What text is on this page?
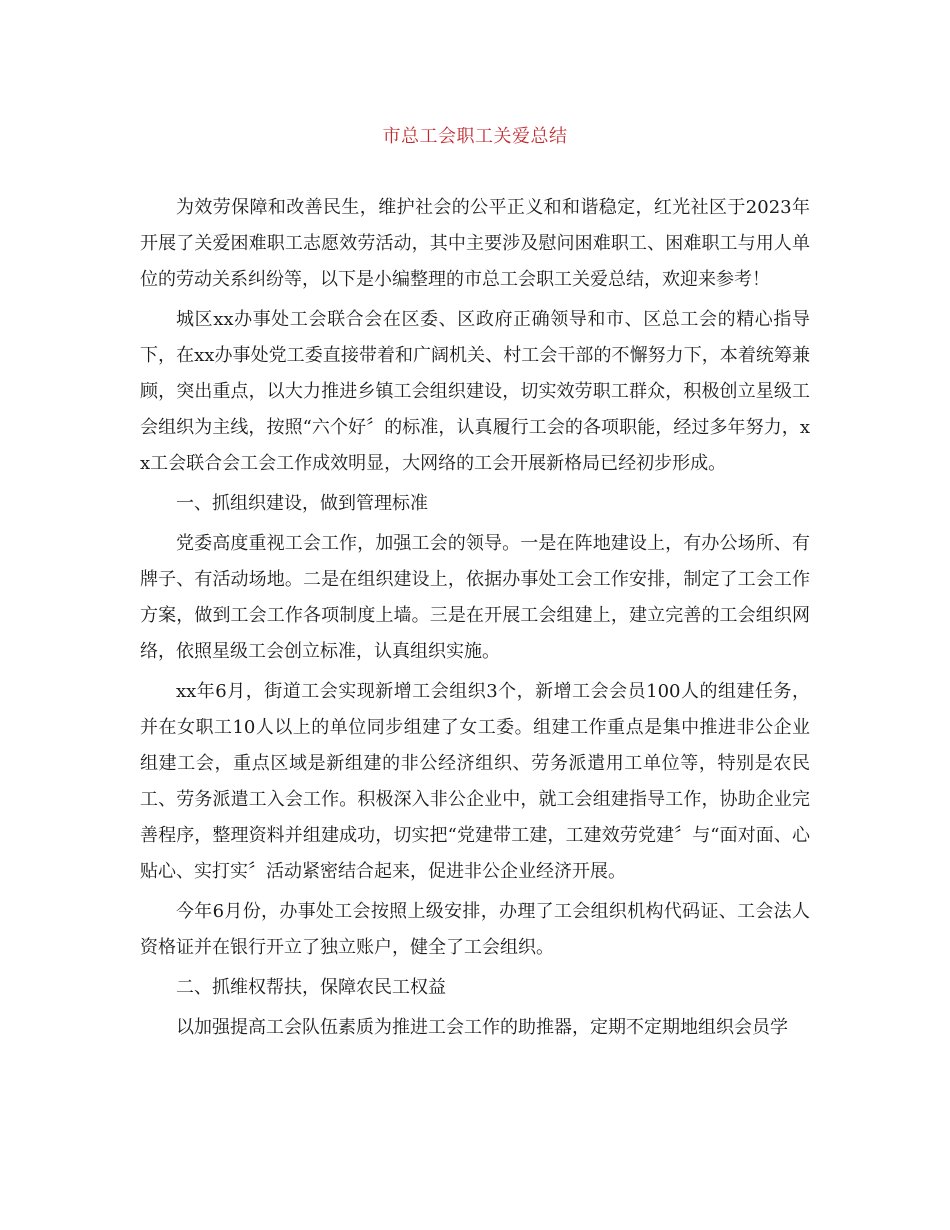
市总工会职工关爱总结

为效劳保障和改善民生，维护社会的公平正义和和谐稳定，红光社区于2023年开展了关爱困难职工志愿效劳活动，其中主要涉及慰问困难职工、困难职工与用人单位的劳动关系纠纷等，以下是小编整理的市总工会职工关爱总结，欢迎来参考！

城区xx办事处工会联合会在区委、区政府正确领导和市、区总工会的精心指导下，在xx办事处党工委直接带着和广阔机关、村工会干部的不懈努力下，本着统筹兼顾，突出重点，以大力推进乡镇工会组织建设，切实效劳职工群众，积极创立星级工会组织为主线，按照“六个好〞的标准，认真履行工会的各项职能，经过多年努力，xx工会联合会工会工作成效明显，大网络的工会开展新格局已经初步形成。

一、抓组织建设，做到管理标准

党委高度重视工会工作，加强工会的领导。一是在阵地建设上，有办公场所、有牌子、有活动场地。二是在组织建设上，依据办事处工会工作安排，制定了工会工作方案，做到工会工作各项制度上墙。三是在开展工会组建上，建立完善的工会组织网络，依照星级工会创立标准，认真组织实施。

xx年6月，街道工会实现新增工会组织3个，新增工会会员100人的组建任务，并在女职工10人以上的单位同步组建了女工委。组建工作重点是集中推进非公企业组建工会，重点区域是新组建的非公经济组织、劳务派遣用工单位等，特别是农民工、劳务派遣工入会工作。积极深入非公企业中，就工会组建指导工作，协助企业完善程序，整理资料并组建成功，切实把“党建带工建，工建效劳党建〞与“面对面、心贴心、实打实〞活动紧密结合起来，促进非公企业经济开展。

今年6月份，办事处工会按照上级安排，办理了工会组织机构代码证、工会法人资格证并在银行开立了独立账户，健全了工会组织。

二、抓维权帮扶，保障农民工权益

以加强提高工会队伍素质为推进工会工作的助推器，定期不定期地组织会员学
